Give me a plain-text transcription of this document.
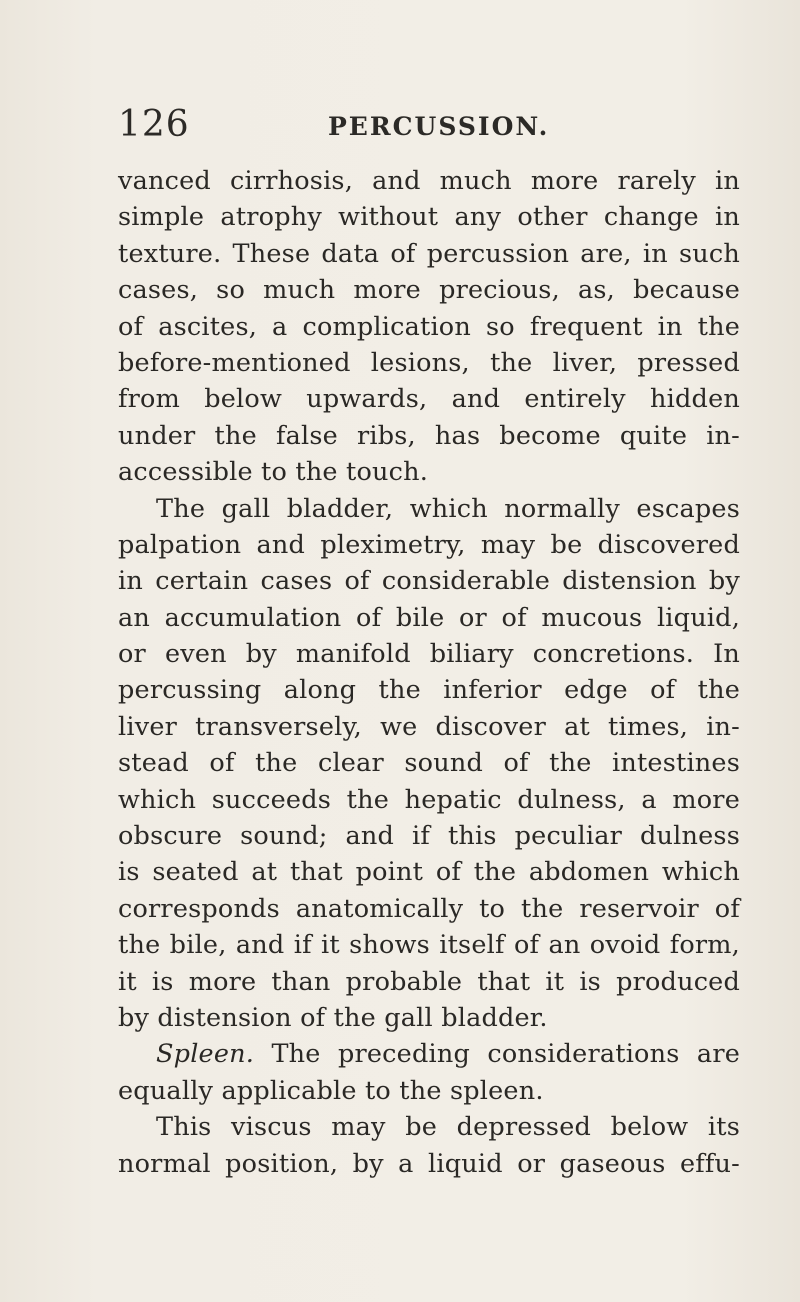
126	PERCUSSION.
vanced cirrhosis, and much more rarely in
simple atrophy without any other change in
texture. These data of percussion are, in such
cases, so much more precious, as, because
of ascites, a complication so frequent in the
before-mentioned lesions, the liver, pressed
from below upwards, and entirely hidden
under the false ribs, has become quite in-
accessible to the touch.
The gall bladder, which normally escapes
palpation and pleximetry, may be discovered
in certain cases of considerable distension by
an accumulation of bile or of mucous liquid,
or even by manifold biliary concretions. In
percussing along the inferior edge of the
liver transversely, we discover at times, in-
stead of the clear sound of the intestines
which succeeds the hepatic dulness, a more
obscure sound; and if this peculiar dulness
is seated at that point of the abdomen which
corresponds anatomically to the reservoir of
the bile, and if it shows itself of an ovoid form,
it is more than probable that it is produced
by distension of the gall bladder.
Spleen. The preceding considerations are
equally applicable to the spleen.
This viscus may be depressed below its
normal position, by a liquid or gaseous effu-
